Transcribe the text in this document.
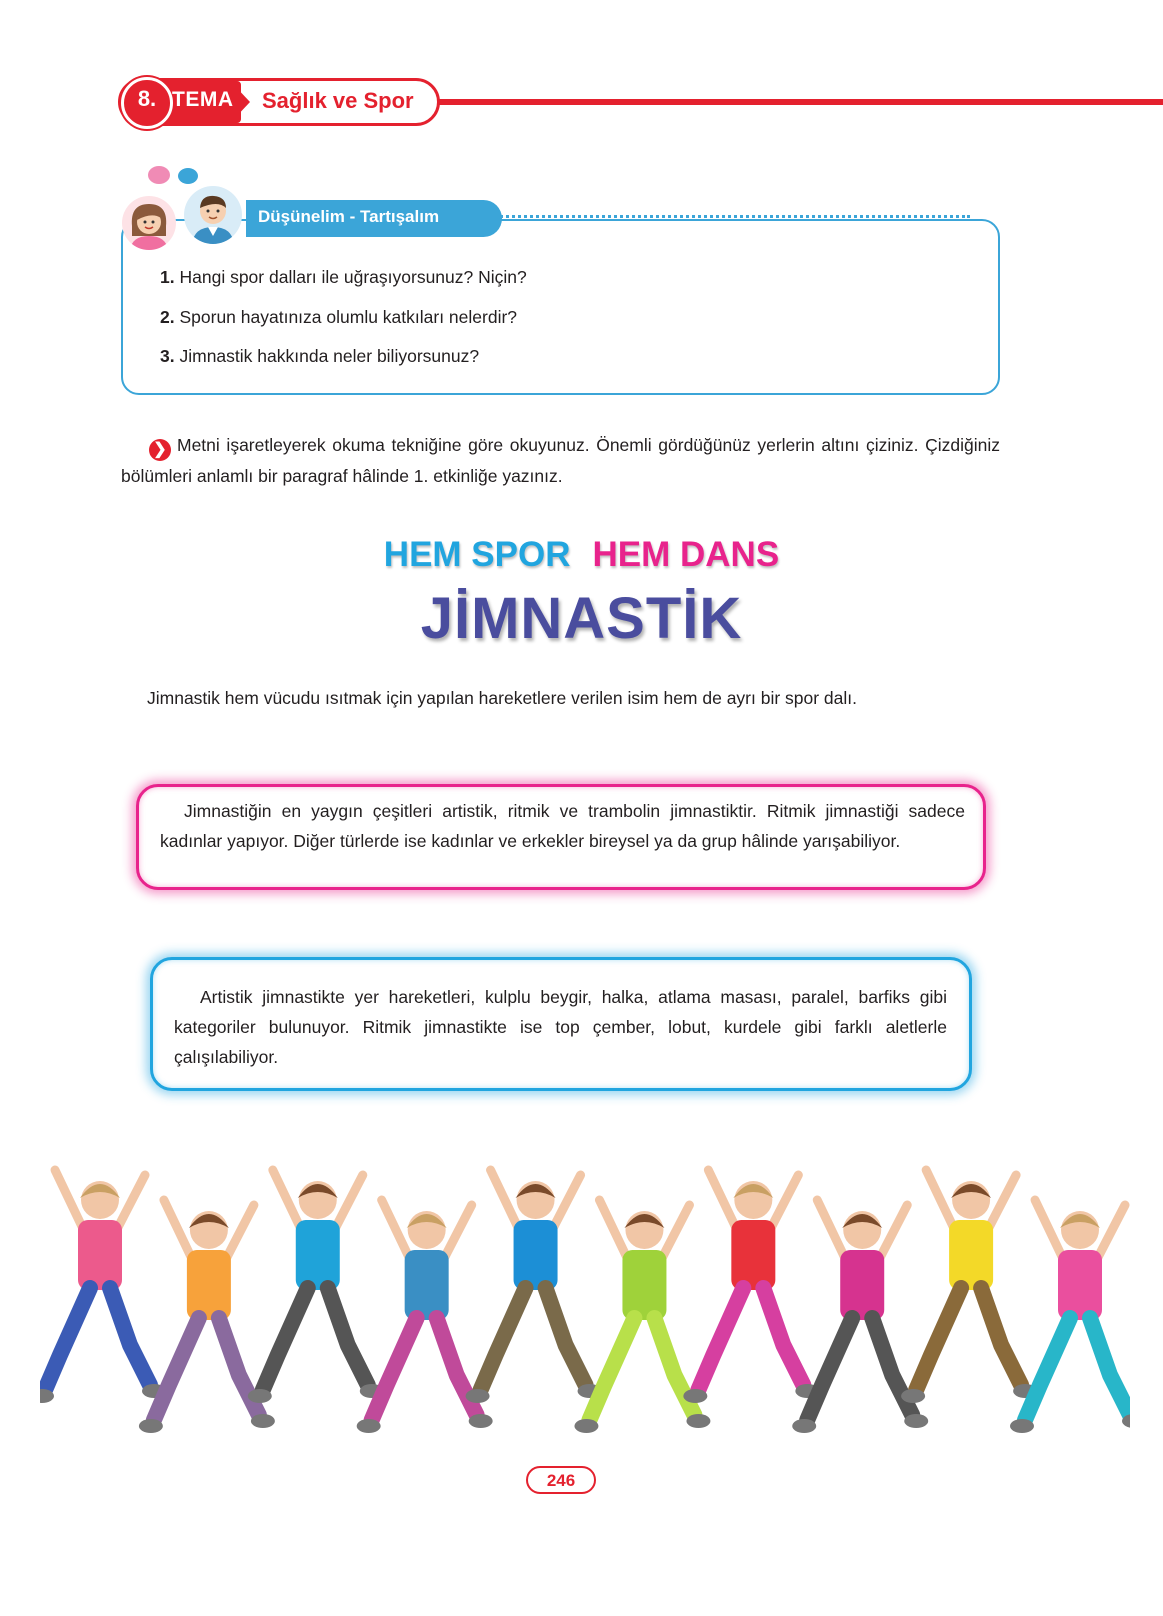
8. TEMA Sağlık ve Spor
Düşünelim - Tartışalım
1. Hangi spor dalları ile uğraşıyorsunuz? Niçin?
2. Sporun hayatınıza olumlu katkıları nelerdir?
3. Jimnastik hakkında neler biliyorsunuz?
❯ Metni işaretleyerek okuma tekniğine göre okuyunuz. Önemli gördüğünüz yerlerin altını çiziniz. Çizdiğiniz bölümleri anlamlı bir paragraf hâlinde 1. etkinliğe yazınız.
HEM SPOR HEM DANS
JİMNASTİK
Jimnastik hem vücudu ısıtmak için yapılan hareketlere verilen isim hem de ayrı bir spor dalı.
Jimnastiğin en yaygın çeşitleri artistik, ritmik ve trambolin jimnastiktir. Ritmik jimnastiği sadece kadınlar yapıyor. Diğer türlerde ise kadınlar ve erkekler bireysel ya da grup hâlinde yarışabiliyor.
Artistik jimnastikte yer hareketleri, kulplu beygir, halka, atlama masası, paralel, barfiks gibi kategoriler bulunuyor. Ritmik jimnastikte ise top çember, lobut, kurdele gibi farklı aletlerle çalışılabiliyor.
246
